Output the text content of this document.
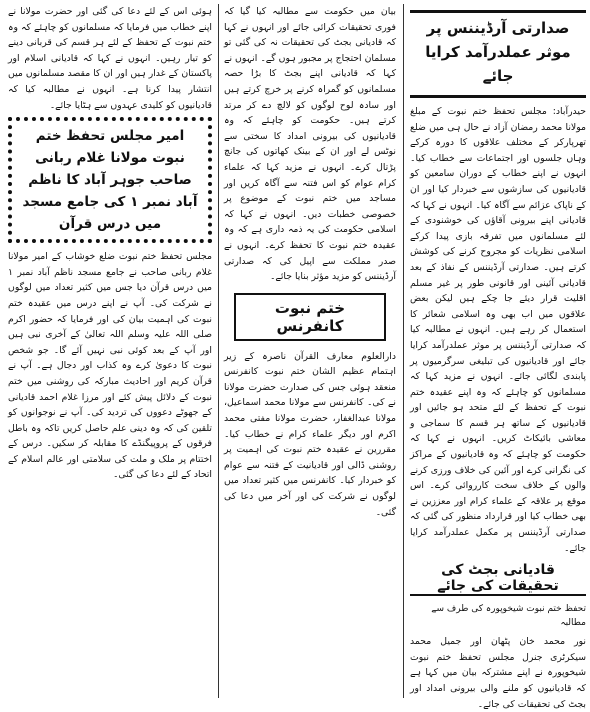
صدارتی آرڈیننس پر موثر عملدرآمد کرایا جائے

حیدرآباد: مجلس تحفظ ختم نبوت کے مبلغ مولانا محمد رمضان آزاد نے حال ہی میں ضلع تھرپارکر کے مختلف علاقوں کا دورہ کرکے وہاں جلسوں اور اجتماعات سے خطاب کیا۔ انہوں نے اپنے خطاب کے دوران سامعین کو قادیانیوں کی سازشوں سے خبردار کیا اور ان کے ناپاک عزائم سے آگاہ کیا۔ انہوں نے کہا کہ قادیانی اپنے بیرونی آقاؤں کی خوشنودی کے لئے مسلمانوں میں تفرقہ بازی پیدا کرکے اسلامی نظریات کو مجروح کرنے کی کوشش کرتے ہیں۔ صدارتی آرڈیننس کے نفاذ کے بعد قادیانی آئینی اور قانونی طور پر غیر مسلم اقلیت قرار دیئے جا چکے ہیں لیکن بعض علاقوں میں اب بھی وہ اسلامی شعائر کا استعمال کر رہے ہیں۔ انہوں نے مطالبہ کیا کہ صدارتی آرڈیننس پر موثر عملدرآمد کرایا جائے اور قادیانیوں کی تبلیغی سرگرمیوں پر پابندی لگائی جائے۔ انہوں نے مزید کہا کہ مسلمانوں کو چاہئے کہ وہ اپنے عقیدہ ختم نبوت کے تحفظ کے لئے متحد ہو جائیں اور قادیانیوں کے ساتھ ہر قسم کا سماجی و معاشی بائیکاٹ کریں۔ انہوں نے کہا کہ حکومت کو چاہئے کہ وہ قادیانیوں کے مراکز کی نگرانی کرے اور آئین کی خلاف ورزی کرنے والوں کے خلاف سخت کارروائی کرے۔ اس موقع پر علاقہ کے علماء کرام اور معززین نے بھی خطاب کیا اور قرارداد منظور کی گئی کہ صدارتی آرڈیننس پر مکمل عملدرآمد کرایا جائے۔

قادیانی بجٹ کی تحقیقات کی جائے
تحفظ ختم نبوت شیخوپورہ کی طرف سے مطالبہ

نور محمد خان پٹھان اور جمیل محمد سیکرٹری جنرل مجلس تحفظ ختم نبوت شیخوپورہ نے اپنے مشترکہ بیان میں کہا ہے کہ قادیانیوں کو ملنے والی بیرونی امداد اور بجٹ کی تحقیقات کی جائے۔

بیان میں حکومت سے مطالبہ کیا گیا کہ فوری تحقیقات کرائی جائے اور انہوں نے کہا کہ قادیانی بجٹ کی تحقیقات نہ کی گئی تو مسلمان احتجاج پر مجبور ہوں گے۔ انہوں نے کہا کہ قادیانی اپنے بجٹ کا بڑا حصہ مسلمانوں کو گمراہ کرنے پر خرچ کرتے ہیں اور سادہ لوح لوگوں کو لالچ دے کر مرتد کرتے ہیں۔ حکومت کو چاہئے کہ وہ قادیانیوں کی بیرونی امداد کا سختی سے نوٹس لے اور ان کے بینک کھاتوں کی جانچ پڑتال کرے۔ انہوں نے مزید کہا کہ علماء کرام عوام کو اس فتنہ سے آگاہ کریں اور مساجد میں ختم نبوت کے موضوع پر خصوصی خطبات دیں۔ انہوں نے کہا کہ اسلامی حکومت کی یہ ذمہ داری ہے کہ وہ عقیدہ ختم نبوت کا تحفظ کرے۔ انہوں نے صدر مملکت سے اپیل کی کہ صدارتی آرڈیننس کو مزید مؤثر بنایا جائے۔

ختم نبوت کانفرنس

دارالعلوم معارف القرآن ناصرہ کے زیر اہتمام عظیم الشان ختم نبوت کانفرنس منعقد ہوئی جس کی صدارت حضرت مولانا نے کی۔ کانفرنس سے مولانا محمد اسماعیل، مولانا عبدالغفار، حضرت مولانا مفتی محمد اکرم اور دیگر علماء کرام نے خطاب کیا۔ مقررین نے عقیدہ ختم نبوت کی اہمیت پر روشنی ڈالی اور قادیانیت کے فتنہ سے عوام کو خبردار کیا۔ کانفرنس میں کثیر تعداد میں لوگوں نے شرکت کی اور آخر میں دعا کی گئی۔

ہوئی اس کے لئے دعا کی گئی اور حضرت مولانا نے اپنے خطاب میں فرمایا کہ مسلمانوں کو چاہئے کہ وہ ختم نبوت کے تحفظ کے لئے ہر قسم کی قربانی دینے کو تیار رہیں۔ انہوں نے کہا کہ قادیانی اسلام اور پاکستان کے غدار ہیں اور ان کا مقصد مسلمانوں میں انتشار پیدا کرنا ہے۔ انہوں نے مطالبہ کیا کہ قادیانیوں کو کلیدی عہدوں سے ہٹایا جائے۔

امیر مجلس تحفظ ختم نبوت مولانا غلام ربانی صاحب جوہر آباد کا ناظم آباد نمبر ۱ کی جامع مسجد میں درس قرآن

مجلس تحفظ ختم نبوت ضلع خوشاب کے امیر مولانا غلام ربانی صاحب نے جامع مسجد ناظم آباد نمبر ۱ میں درس قرآن دیا جس میں کثیر تعداد میں لوگوں نے شرکت کی۔ آپ نے اپنے درس میں عقیدہ ختم نبوت کی اہمیت بیان کی اور فرمایا کہ حضور اکرم صلی اللہ علیہ وسلم اللہ تعالیٰ کے آخری نبی ہیں اور آپ کے بعد کوئی نبی نہیں آئے گا۔ جو شخص نبوت کا دعویٰ کرے وہ کذاب اور دجال ہے۔ آپ نے قرآن کریم اور احادیث مبارکہ کی روشنی میں ختم نبوت کے دلائل پیش کئے اور مرزا غلام احمد قادیانی کے جھوٹے دعووں کی تردید کی۔ آپ نے نوجوانوں کو تلقین کی کہ وہ دینی علم حاصل کریں تاکہ وہ باطل فرقوں کے پروپیگنڈے کا مقابلہ کر سکیں۔ درس کے اختتام پر ملک و ملت کی سلامتی اور عالم اسلام کے اتحاد کے لئے دعا کی گئی۔
